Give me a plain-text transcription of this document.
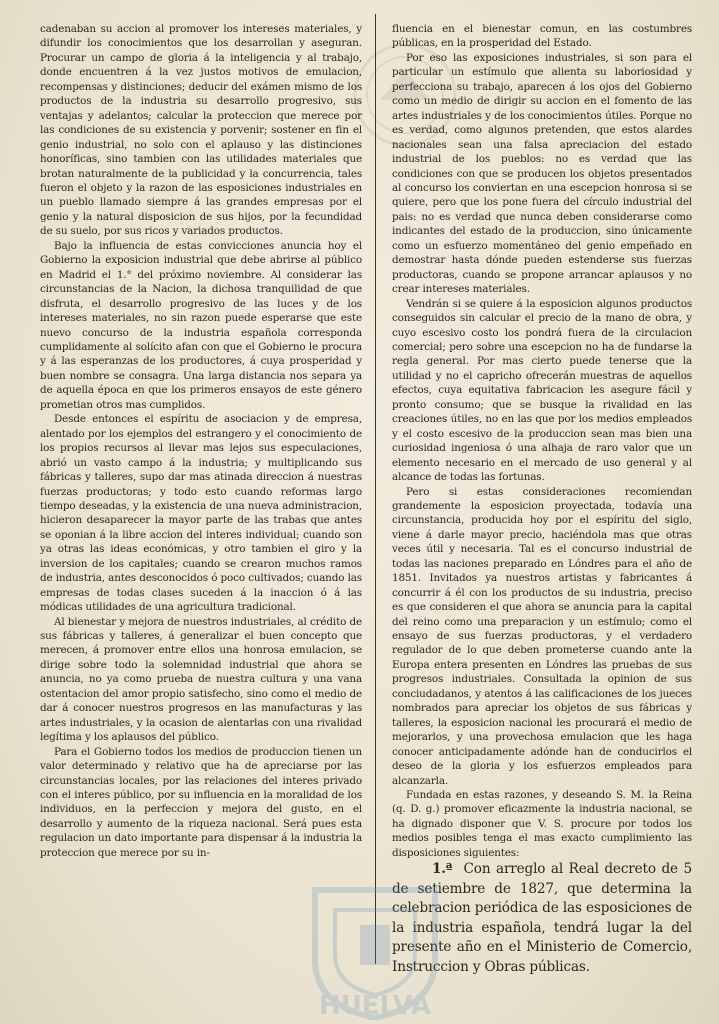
cadenaban su accion al promover los intereses materiales, y difundir los conocimientos que los desarrollan y aseguran. Procurar un campo de gloria á la inteligencia y al trabajo, donde encuentren á la vez justos motivos de emulacion, recompensas y distinciones; deducir del exámen mismo de los productos de la industria su desarrollo progresivo, sus ventajas y adelantos; calcular la proteccion que merece por las condiciones de su existencia y porvenir; sostener en fin el genio industrial, no solo con el aplauso y las distinciones honoríficas, sino tambien con las utilidades materiales que brotan naturalmente de la publicidad y la concurrencia, tales fueron el objeto y la razon de las esposiciones industriales en un pueblo llamado siempre á las grandes empresas por el genio y la natural disposicion de sus hijos, por la fecundidad de su suelo, por sus ricos y variados productos.

Bajo la influencia de estas convicciones anuncia hoy el Gobierno la exposicion industrial que debe abrirse al público en Madrid el 1.° del próximo noviembre. Al considerar las circunstancias de la Nacion, la dichosa tranquilidad de que disfruta, el desarrollo progresivo de las luces y de los intereses materiales, no sin razon puede esperarse que este nuevo concurso de la industria española corresponda cumplidamente al solícito afan con que el Gobierno le procura y á las esperanzas de los productores, á cuya prosperidad y buen nombre se consagra. Una larga distancia nos separa ya de aquella época en que los primeros ensayos de este género prometian otros mas cumplidos.

Desde entonces el espíritu de asociacion y de empresa, alentado por los ejemplos del estrangero y el conocimiento de los propios recursos al llevar mas lejos sus especulaciones, abrió un vasto campo á la industria; y multiplicando sus fábricas y talleres, supo dar mas atinada direccion á nuestras fuerzas productoras; y todo esto cuando reformas largo tiempo deseadas, y la existencia de una nueva administracion, hicieron desaparecer la mayor parte de las trabas que antes se oponian á la libre accion del interes individual; cuando son ya otras las ideas económicas, y otro tambien el giro y la inversion de los capitales; cuando se crearon muchos ramos de industria, antes desconocidos ó poco cultivados; cuando las empresas de todas clases suceden á la inaccion ó á las módicas utilidades de una agricultura tradicional.

Al bienestar y mejora de nuestros industriales, al crédito de sus fábricas y talleres, á generalizar el buen concepto que merecen, á promover entre ellos una honrosa emulacion, se dirige sobre todo la solemnidad industrial que ahora se anuncia, no ya como prueba de nuestra cultura y una vana ostentacion del amor propio satisfecho, sino como el medio de dar á conocer nuestros progresos en las manufacturas y las artes industriales, y la ocasion de alentarlas con una rivalidad legítima y los aplausos del público.

Para el Gobierno todos los medios de produccion tienen un valor determinado y relativo que ha de apreciarse por las circunstancias locales, por las relaciones del interes privado con el interes público, por su influencia en la moralidad de los individuos, en la perfeccion y mejora del gusto, en el desarrollo y aumento de la riqueza nacional. Será pues esta regulacion un dato importante para dispensar á la industria la proteccion que merece por su in-

fluencia en el bienestar comun, en las costumbres públicas, en la prosperidad del Estado.

Por eso las exposiciones industriales, si son para el particular un estímulo que alienta su laboriosidad y perfecciona su trabajo, aparecen á los ojos del Gobierno como un medio de dirigir su accion en el fomento de las artes industriales y de los conocimientos útiles. Porque no es verdad, como algunos pretenden, que estos alardes nacionales sean una falsa apreciacion del estado industrial de los pueblos: no es verdad que las condiciones con que se producen los objetos presentados al concurso los conviertan en una escepcion honrosa si se quiere, pero que los pone fuera del círculo industrial del pais: no es verdad que nunca deben considerarse como indicantes del estado de la produccion, sino únicamente como un esfuerzo momentáneo del genio empeñado en demostrar hasta dónde pueden estenderse sus fuerzas productoras, cuando se propone arrancar aplausos y no crear intereses materiales.

Vendrán si se quiere á la esposicion algunos productos conseguidos sin calcular el precio de la mano de obra, y cuyo escesivo costo los pondrá fuera de la circulacion comercial; pero sobre una escepcion no ha de fundarse la regla general. Por mas cierto puede tenerse que la utilidad y no el capricho ofrecerán muestras de aquellos efectos, cuya equitativa fabricacion les asegure fácil y pronto consumo; que se busque la rivalidad en las creaciones útiles, no en las que por los medios empleados y el costo escesivo de la produccion sean mas bien una curiosidad ingeniosa ó una alhaja de raro valor que un elemento necesario en el mercado de uso general y al alcance de todas las fortunas.

Pero si estas consideraciones recomiendan grandemente la esposicion proyectada, todavía una circunstancia, producida hoy por el espíritu del siglo, viene á darle mayor precio, haciéndola mas que otras veces útil y necesaria. Tal es el concurso industrial de todas las naciones preparado en Lóndres para el año de 1851. Invitados ya nuestros artistas y fabricantes á concurrir á él con los productos de su industria, preciso es que consideren el que ahora se anuncia para la capital del reino como una preparacion y un estímulo; como el ensayo de sus fuerzas productoras, y el verdadero regulador de lo que deben prometerse cuando ante la Europa entera presenten en Lóndres las pruebas de sus progresos industriales. Consultada la opinion de sus conciudadanos, y atentos á las calificaciones de los jueces nombrados para apreciar los objetos de sus fábricas y talleres, la esposicion nacional les procurará el medio de mejorarlos, y una provechosa emulacion que les haga conocer anticipadamente adónde han de conducirlos el deseo de la gloria y los esfuerzos empleados para alcanzarla.

Fundada en estas razones, y deseando S. M. la Reina (q. D. g.) promover eficazmente la industria nacional, se ha dignado disponer que V. S. procure por todos los medios posibles tenga el mas exacto cumplimiento las disposiciones siguientes:

1.ª Con arreglo al Real decreto de 5 de setiembre de 1827, que determina la celebracion periódica de las esposiciones de la industria española, tendrá lugar la del presente año en el Ministerio de Comercio, Instruccion y Obras públicas.

HUELVA
